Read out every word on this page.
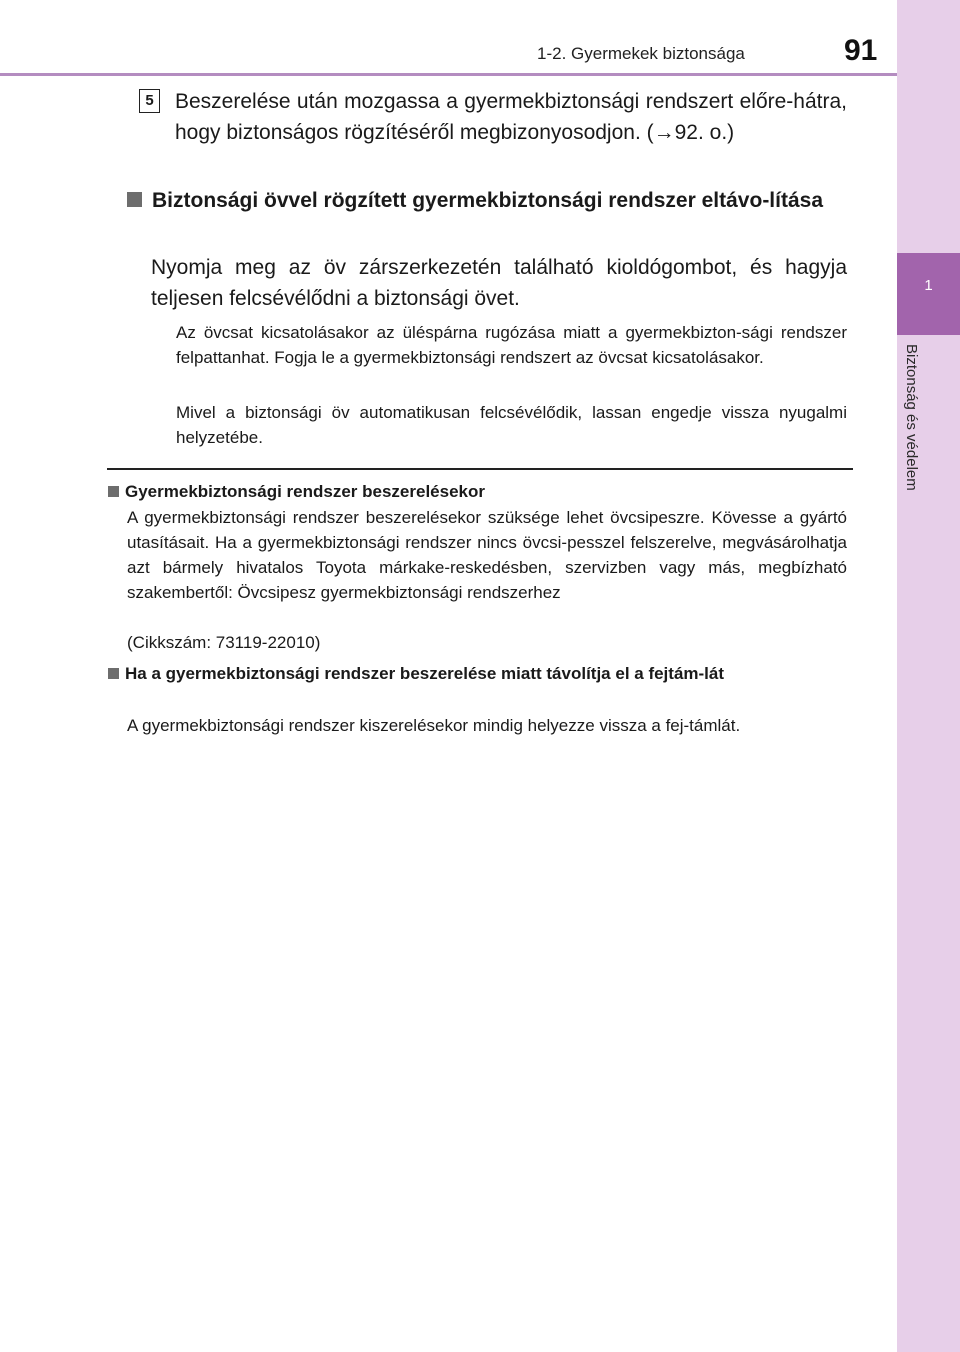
1
Biztonság és védelem
1-2. Gyermekek biztonsága	91
5	Beszerelése után mozgassa a gyermekbiztonsági rendszert előre-hátra, hogy biztonságos rögzítéséről megbizonyosodjon. (→92. o.)
Biztonsági övvel rögzített gyermekbiztonsági rendszer eltávo-lítása
Nyomja meg az öv zárszerkezetén található kioldógombot, és hagyja teljesen felcsévélődni a biztonsági övet.
Az övcsat kicsatolásakor az üléspárna rugózása miatt a gyermekbizton-sági rendszer felpattanhat. Fogja le a gyermekbiztonsági rendszert az övcsat kicsatolásakor.
Mivel a biztonsági öv automatikusan felcsévélődik, lassan engedje vissza nyugalmi helyzetébe.
Gyermekbiztonsági rendszer beszerelésekor
A gyermekbiztonsági rendszer beszerelésekor szüksége lehet övcsipeszre. Kövesse a gyártó utasításait. Ha a gyermekbiztonsági rendszer nincs övcsi-pesszel felszerelve, megvásárolhatja azt bármely hivatalos Toyota márkake-reskedésben, szervizben vagy más, megbízható szakembertől: Övcsipesz gyermekbiztonsági rendszerhez
(Cikkszám: 73119-22010)
Ha a gyermekbiztonsági rendszer beszerelése miatt távolítja el a fejtám-lát
A gyermekbiztonsági rendszer kiszerelésekor mindig helyezze vissza a fej-támlát.
